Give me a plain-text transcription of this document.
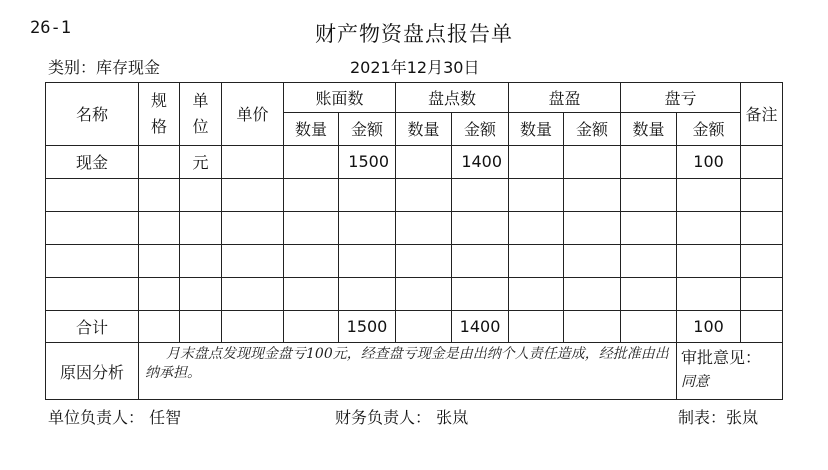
26-1	财产物资盘点报告单
类别：库存现金	2021年12月30日
名称	规格	单位	单价	账面数		盘点数		盘盈		盘亏		备注
				数量	金额	数量	金额	数量	金额	数量	金额	
现金		元			1500		1400				100	

合计					1500		1400				100	
原因分析	月末盘点发现现金盘亏100元，经查盘亏现金是由出纳个人责任造成，经批准由出纳承担。										审批意见：
同意	
单位负责人： 任智	财务负责人： 张岚	制表：张岚
